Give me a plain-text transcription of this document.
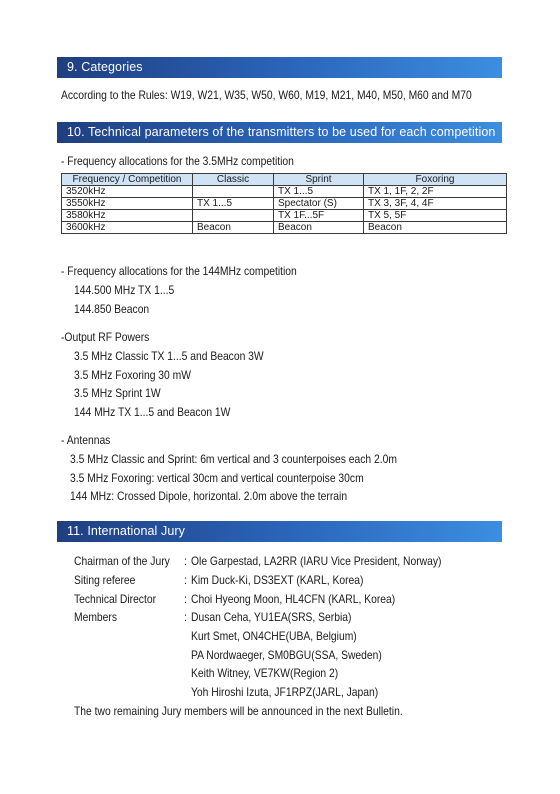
9. Categories
According to the Rules: W19, W21, W35, W50, W60, M19, M21, M40, M50, M60 and M70
10. Technical parameters of the transmitters to be used for each competition
- Frequency allocations for the 3.5MHz competition
Frequency / Competition	Classic	Sprint	Foxoring
3520kHz		TX 1...5	TX 1, 1F, 2, 2F
3550kHz	TX 1...5	Spectator (S)	TX 3, 3F, 4, 4F
3580kHz		TX 1F...5F	TX 5, 5F
3600kHz	Beacon	Beacon	Beacon
- Frequency allocations for the 144MHz competition
144.500 MHz TX 1...5
144.850 Beacon
-Output RF Powers
3.5 MHz Classic TX 1...5 and Beacon 3W
3.5 MHz Foxoring 30 mW
3.5 MHz Sprint 1W
144 MHz TX 1...5 and Beacon 1W
- Antennas
3.5 MHz Classic and Sprint: 6m vertical and 3 counterpoises each 2.0m
3.5 MHz Foxoring: vertical 30cm and vertical counterpoise 30cm
144 MHz: Crossed Dipole, horizontal. 2.0m above the terrain
11. International Jury
Chairman of the Jury : Ole Garpestad, LA2RR (IARU Vice President, Norway)
Siting referee	: Kim Duck-Ki, DS3EXT (KARL, Korea)
Technical Director : Choi Hyeong Moon, HL4CFN (KARL, Korea)
Members	: Dusan Ceha, YU1EA(SRS, Serbia)
Kurt Smet, ON4CHE(UBA, Belgium)
PA Nordwaeger, SM0BGU(SSA, Sweden)
Keith Witney, VE7KW(Region 2)
Yoh Hiroshi Izuta, JF1RPZ(JARL, Japan)
The two remaining Jury members will be announced in the next Bulletin.
